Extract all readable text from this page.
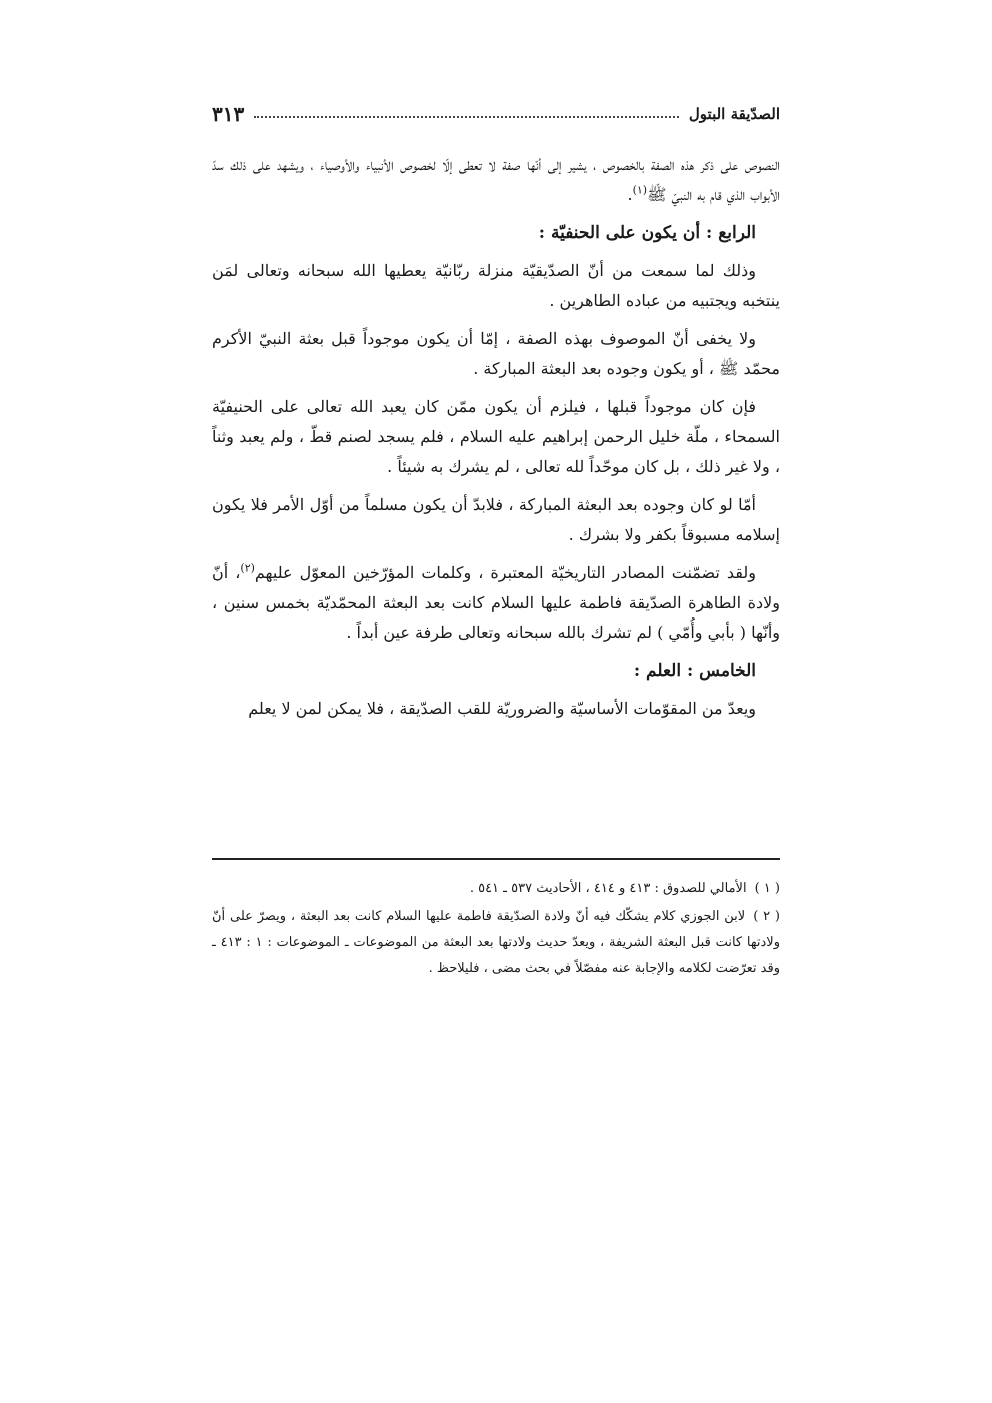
الصدّيقة البتول
٣١٣

النصوص على ذكر هذه الصفة بالخصوص ، يشير إلى أنّها صفة لا تعطى إلّا لخصوص الأنبياء والأوصياء ، ويشهد على ذلك سدّ الأبواب الذي قام به النبيّ ﷺ$^{(١)}$.

الرابع : أن يكون على الحنفيّة :

وذلك لما سمعت من أنّ الصدّيقيّة منزلة ربّانيّة يعطيها الله سبحانه وتعالى لمَن ينتخبه ويجتبيه من عباده الطاهرين .

ولا يخفى أنّ الموصوف بهذه الصفة ، إمّا أن يكون موجوداً قبل بعثة النبيّ الأكرم محمّد ﷺ ، أو يكون وجوده بعد البعثة المباركة .

فإن كان موجوداً قبلها ، فيلزم أن يكون ممّن كان يعبد الله تعالى على الحنيفيّة السمحاء ، ملّة خليل الرحمن إبراهيم عليه السلام ، فلم يسجد لصنم قطّ ، ولم يعبد وثناً ، ولا غير ذلك ، بل كان موحّداً لله تعالى ، لم يشرك به شيئاً .

أمّا لو كان وجوده بعد البعثة المباركة ، فلابدّ أن يكون مسلماً من أوّل الأمر فلا يكون إسلامه مسبوقاً بكفر ولا بشرك .

ولقد تضمّنت المصادر التاريخيّة المعتبرة ، وكلمات المؤرّخين المعوّل عليهم$^{(٢)}$، أنّ ولادة الطاهرة الصدّيقة فاطمة عليها السلام كانت بعد البعثة المحمّديّة بخمس سنين ، وأنّها ( بأبي وأُمّي ) لم تشرك بالله سبحانه وتعالى طرفة عين أبداً .

الخامس : العلم :

ويعدّ من المقوّمات الأساسيّة والضروريّة للقب الصدّيقة ، فلا يمكن لمن لا يعلم

( ١ )الأمالي للصدوق : ٤١٣ و ٤١٤ ، الأحاديث ٥٣٧ ـ ٥٤١ .

( ٢ )لابن الجوزي كلام يشكّك فيه أنّ ولادة الصدّيقة فاطمة عليها السلام كانت بعد البعثة ، ويصرّ على أنّ ولادتها كانت قبل البعثة الشريفة ، ويعدّ حديث ولادتها بعد البعثة من الموضوعات ـ الموضوعات : ١ : ٤١٣ ـ وقد تعرّضت لكلامه والإجابة عنه مفصّلاً في بحث مضى ، فليلاحظ .
